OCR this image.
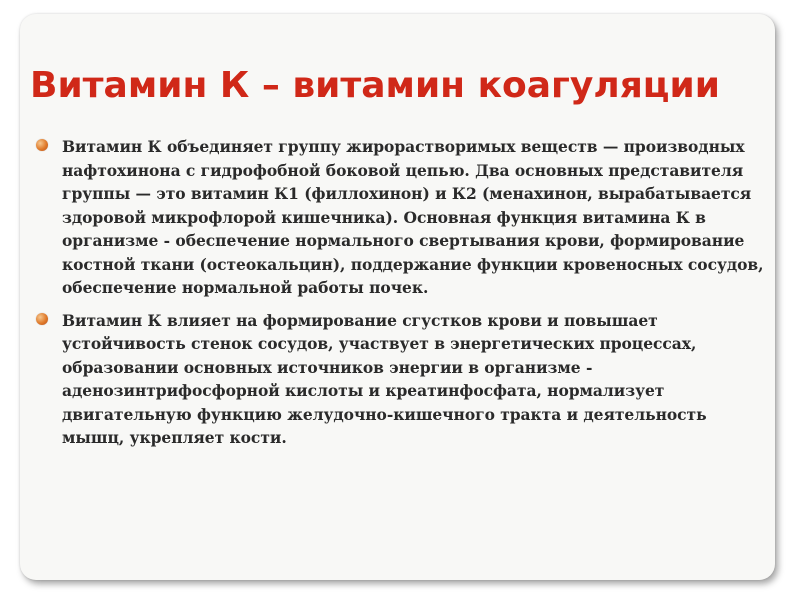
Витамин К – витамин коагуляции
Витамин К объединяет группу жирорастворимых веществ — производных нафтохинона с гидрофобной боковой цепью. Два основных представителя группы — это витамин К1 (филлохинон) и К2 (менахинон, вырабатывается здоровой микрофлорой кишечника). Основная функция витамина К в организме - обеспечение нормального свертывания крови, формирование костной ткани (остеокальцин), поддержание функции кровеносных сосудов, обеспечение нормальной работы почек.
Витамин К влияет на формирование сгустков крови и повышает устойчивость стенок сосудов, участвует в энергетических процессах, образовании основных источников энергии в организме - аденозинтрифосфорной кислоты и креатинфосфата, нормализует двигательную функцию желудочно-кишечного тракта и деятельность мышц, укрепляет кости.
